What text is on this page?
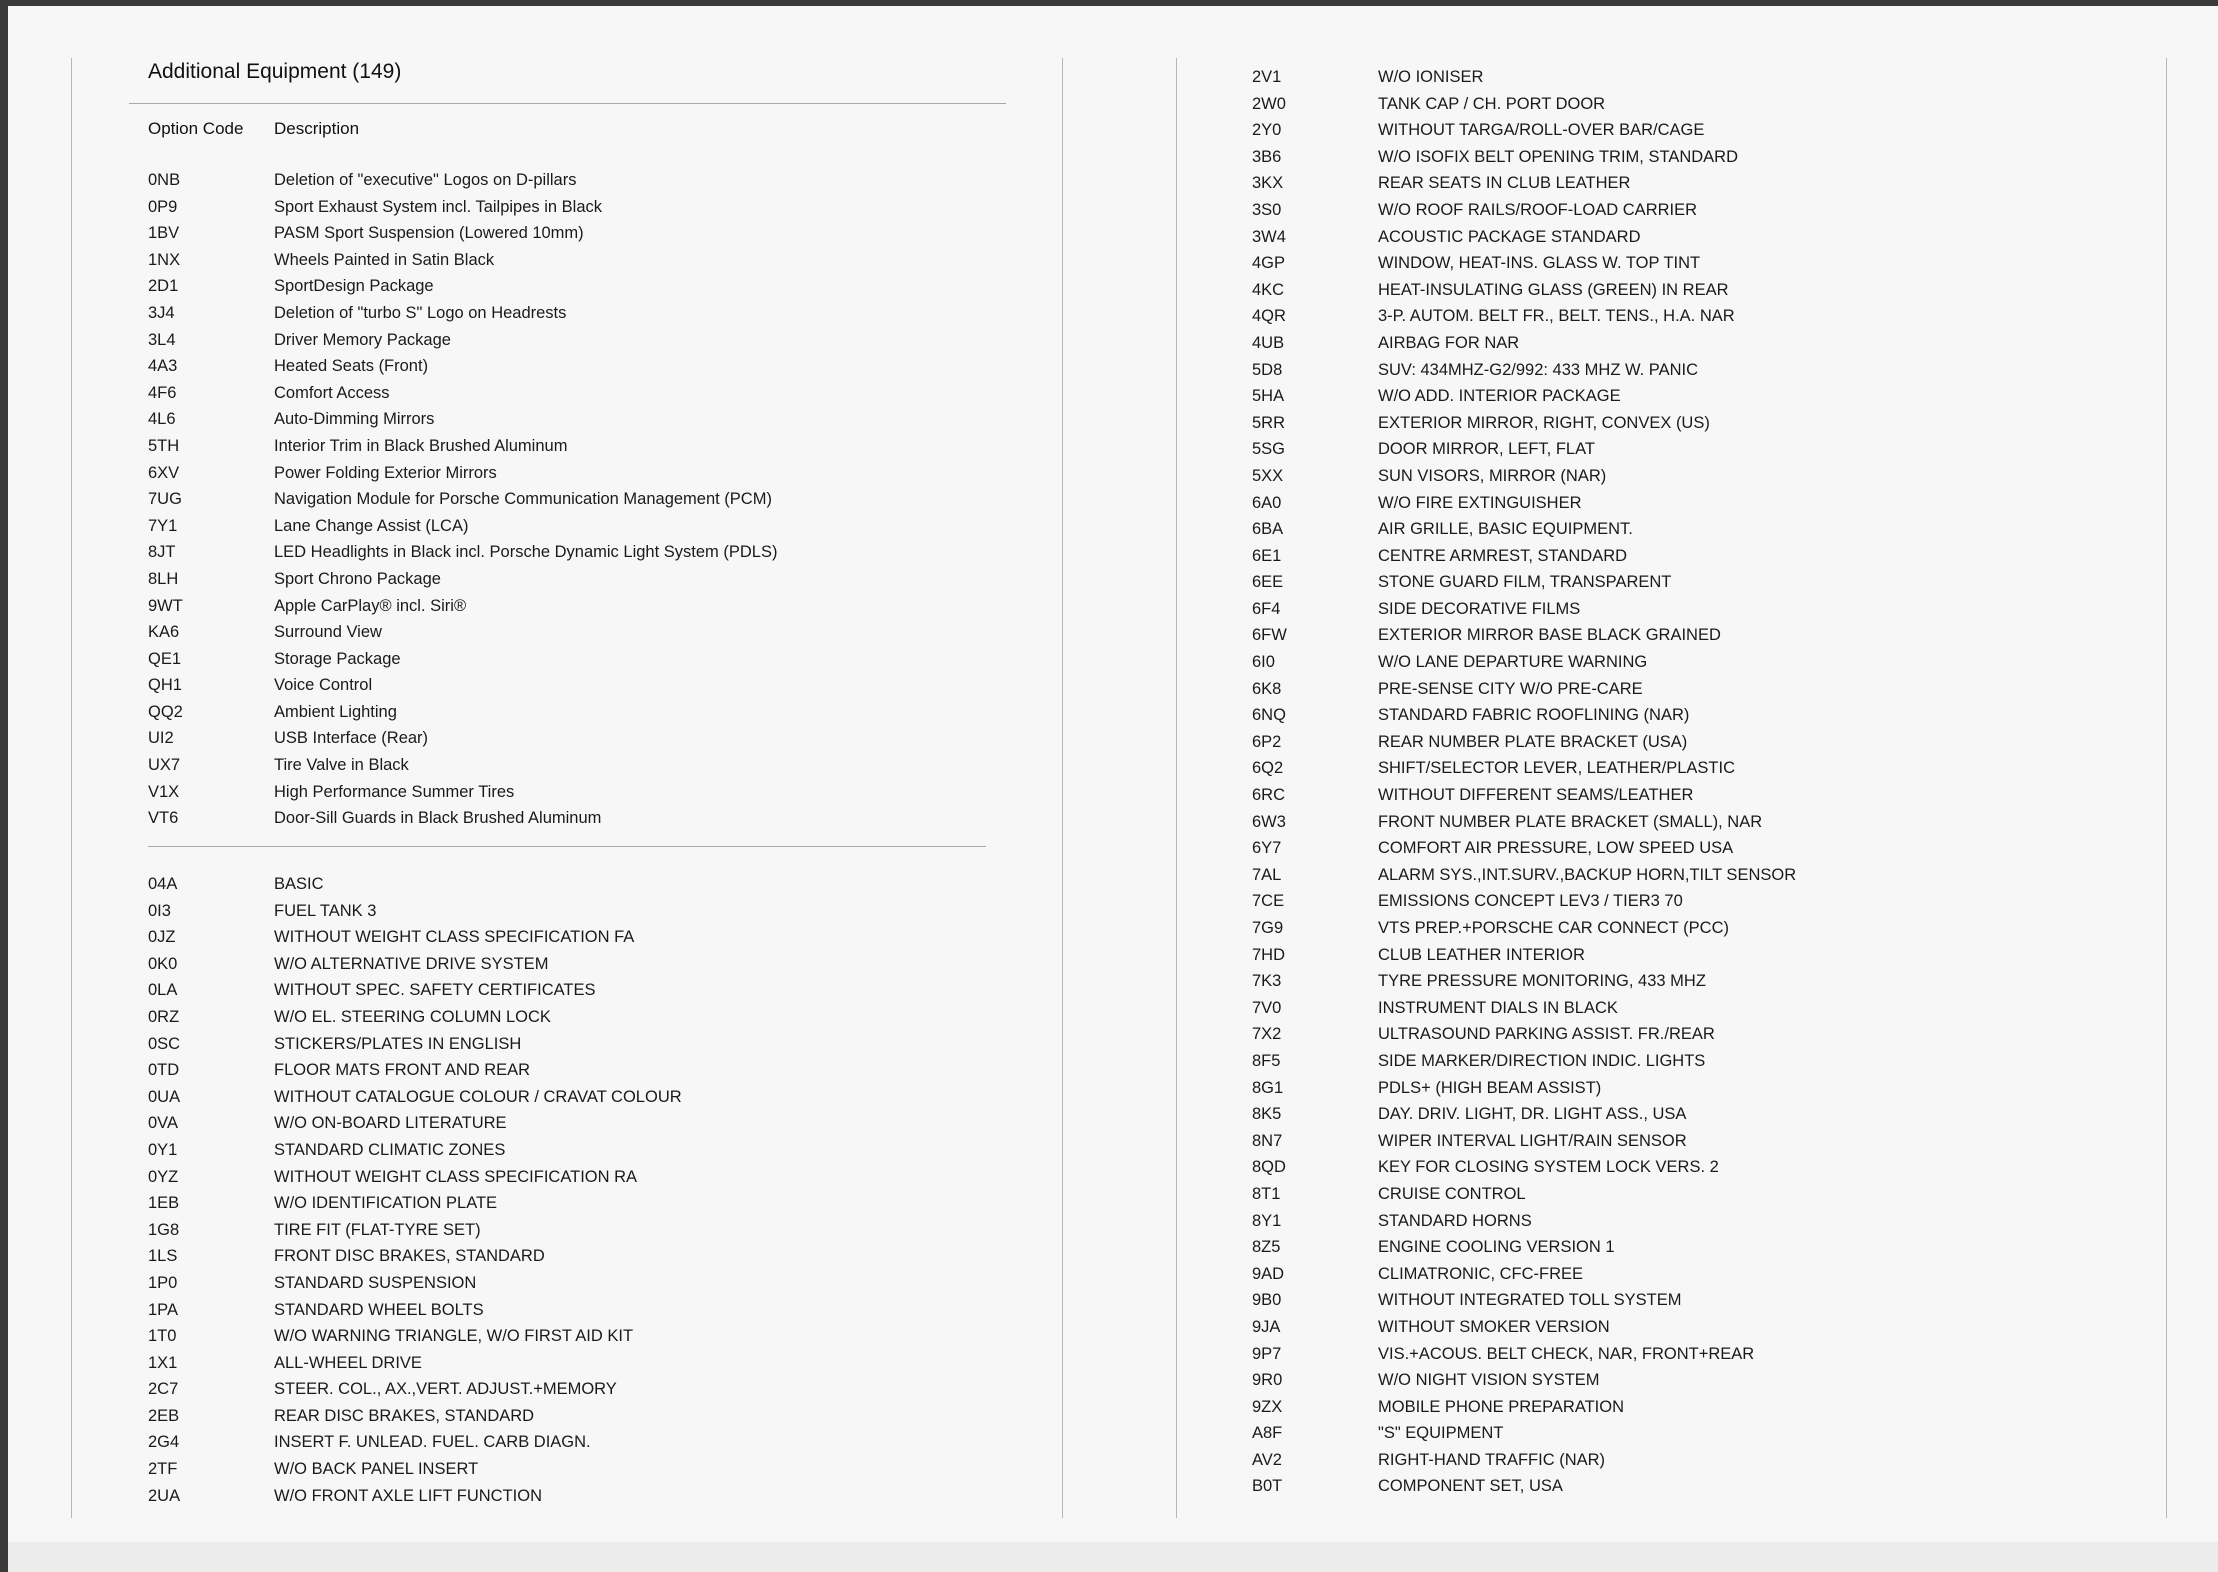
Additional Equipment (149)
Option Code Description
0NB	Deletion of "executive" Logos on D-pillars
0P9	Sport Exhaust System incl. Tailpipes in Black
1BV	PASM Sport Suspension (Lowered 10mm)
1NX	Wheels Painted in Satin Black
2D1	SportDesign Package
3J4	Deletion of "turbo S" Logo on Headrests
3L4	Driver Memory Package
4A3	Heated Seats (Front)
4F6	Comfort Access
4L6	Auto-Dimming Mirrors
5TH	Interior Trim in Black Brushed Aluminum
6XV	Power Folding Exterior Mirrors
7UG	Navigation Module for Porsche Communication Management (PCM)
7Y1	Lane Change Assist (LCA)
8JT	LED Headlights in Black incl. Porsche Dynamic Light System (PDLS)
8LH	Sport Chrono Package
9WT	Apple CarPlay® incl. Siri®
KA6	Surround View
QE1	Storage Package
QH1	Voice Control
QQ2	Ambient Lighting
UI2	USB Interface (Rear)
UX7	Tire Valve in Black
V1X	High Performance Summer Tires
VT6	Door-Sill Guards in Black Brushed Aluminum
04A	BASIC
0I3	FUEL TANK 3
0JZ	WITHOUT WEIGHT CLASS SPECIFICATION FA
0K0	W/O ALTERNATIVE DRIVE SYSTEM
0LA	WITHOUT SPEC. SAFETY CERTIFICATES
0RZ	W/O EL. STEERING COLUMN LOCK
0SC	STICKERS/PLATES IN ENGLISH
0TD	FLOOR MATS FRONT AND REAR
0UA	WITHOUT CATALOGUE COLOUR / CRAVAT COLOUR
0VA	W/O ON-BOARD LITERATURE
0Y1	STANDARD CLIMATIC ZONES
0YZ	WITHOUT WEIGHT CLASS SPECIFICATION RA
1EB	W/O IDENTIFICATION PLATE
1G8	TIRE FIT (FLAT-TYRE SET)
1LS	FRONT DISC BRAKES, STANDARD
1P0	STANDARD SUSPENSION
1PA	STANDARD WHEEL BOLTS
1T0	W/O WARNING TRIANGLE, W/O FIRST AID KIT
1X1	ALL-WHEEL DRIVE
2C7	STEER. COL., AX.,VERT. ADJUST.+MEMORY
2EB	REAR DISC BRAKES, STANDARD
2G4	INSERT F. UNLEAD. FUEL. CARB DIAGN.
2TF	W/O BACK PANEL INSERT
2UA	W/O FRONT AXLE LIFT FUNCTION
2V1	W/O IONISER
2W0	TANK CAP / CH. PORT DOOR
2Y0	WITHOUT TARGA/ROLL-OVER BAR/CAGE
3B6	W/O ISOFIX BELT OPENING TRIM, STANDARD
3KX	REAR SEATS IN CLUB LEATHER
3S0	W/O ROOF RAILS/ROOF-LOAD CARRIER
3W4	ACOUSTIC PACKAGE STANDARD
4GP	WINDOW, HEAT-INS. GLASS W. TOP TINT
4KC	HEAT-INSULATING GLASS (GREEN) IN REAR
4QR	3-P. AUTOM. BELT FR., BELT. TENS., H.A. NAR
4UB	AIRBAG FOR NAR
5D8	SUV: 434MHZ-G2/992: 433 MHZ W. PANIC
5HA	W/O ADD. INTERIOR PACKAGE
5RR	EXTERIOR MIRROR, RIGHT, CONVEX (US)
5SG	DOOR MIRROR, LEFT, FLAT
5XX	SUN VISORS, MIRROR (NAR)
6A0	W/O FIRE EXTINGUISHER
6BA	AIR GRILLE, BASIC EQUIPMENT.
6E1	CENTRE ARMREST, STANDARD
6EE	STONE GUARD FILM, TRANSPARENT
6F4	SIDE DECORATIVE FILMS
6FW	EXTERIOR MIRROR BASE BLACK GRAINED
6I0	W/O LANE DEPARTURE WARNING
6K8	PRE-SENSE CITY W/O PRE-CARE
6NQ	STANDARD FABRIC ROOFLINING (NAR)
6P2	REAR NUMBER PLATE BRACKET (USA)
6Q2	SHIFT/SELECTOR LEVER, LEATHER/PLASTIC
6RC	WITHOUT DIFFERENT SEAMS/LEATHER
6W3	FRONT NUMBER PLATE BRACKET (SMALL), NAR
6Y7	COMFORT AIR PRESSURE, LOW SPEED USA
7AL	ALARM SYS.,INT.SURV.,BACKUP HORN,TILT SENSOR
7CE	EMISSIONS CONCEPT LEV3 / TIER3 70
7G9	VTS PREP.+PORSCHE CAR CONNECT (PCC)
7HD	CLUB LEATHER INTERIOR
7K3	TYRE PRESSURE MONITORING, 433 MHZ
7V0	INSTRUMENT DIALS IN BLACK
7X2	ULTRASOUND PARKING ASSIST. FR./REAR
8F5	SIDE MARKER/DIRECTION INDIC. LIGHTS
8G1	PDLS+ (HIGH BEAM ASSIST)
8K5	DAY. DRIV. LIGHT, DR. LIGHT ASS., USA
8N7	WIPER INTERVAL LIGHT/RAIN SENSOR
8QD	KEY FOR CLOSING SYSTEM LOCK VERS. 2
8T1	CRUISE CONTROL
8Y1	STANDARD HORNS
8Z5	ENGINE COOLING VERSION 1
9AD	CLIMATRONIC, CFC-FREE
9B0	WITHOUT INTEGRATED TOLL SYSTEM
9JA	WITHOUT SMOKER VERSION
9P7	VIS.+ACOUS. BELT CHECK, NAR, FRONT+REAR
9R0	W/O NIGHT VISION SYSTEM
9ZX	MOBILE PHONE PREPARATION
A8F	"S" EQUIPMENT
AV2	RIGHT-HAND TRAFFIC (NAR)
B0T	COMPONENT SET, USA
